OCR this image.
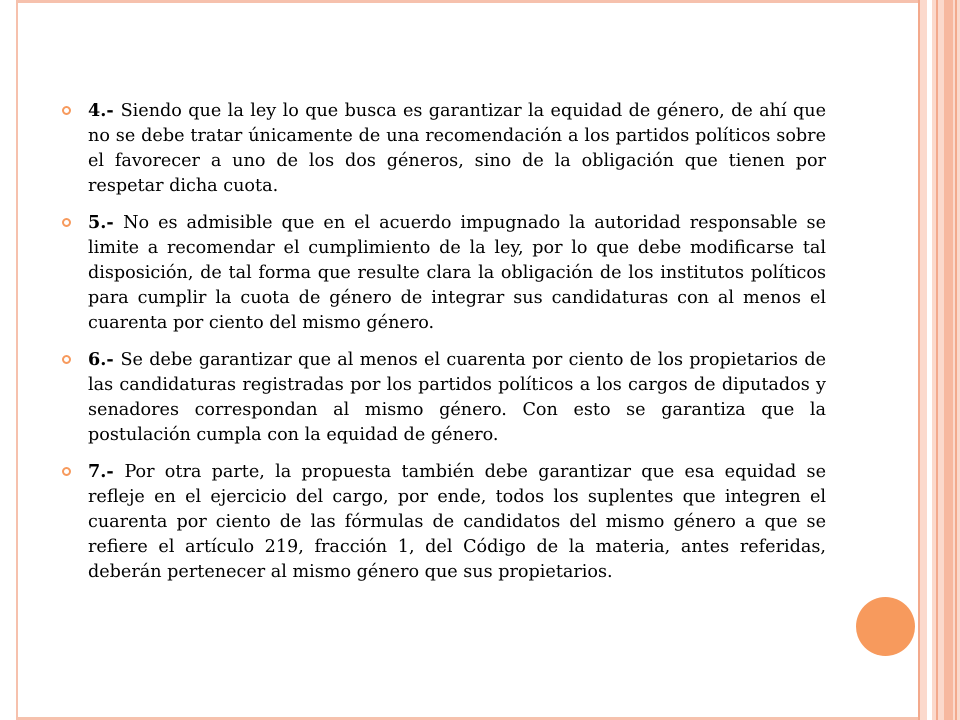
4.- Siendo que la ley lo que busca es garantizar la equidad de género, de ahí que no se debe tratar únicamente de una recomendación a los partidos políticos sobre el favorecer a uno de los dos géneros, sino de la obligación que tienen por respetar dicha cuota.
5.- No es admisible que en el acuerdo impugnado la autoridad responsable se limite a recomendar el cumplimiento de la ley, por lo que debe modificarse tal disposición, de tal forma que resulte clara la obligación de los institutos políticos para cumplir la cuota de género de integrar sus candidaturas con al menos el cuarenta por ciento del mismo género.
6.- Se debe garantizar que al menos el cuarenta por ciento de los propietarios de las candidaturas registradas por los partidos políticos a los cargos de diputados y senadores correspondan al mismo género. Con esto se garantiza que la postulación cumpla con la equidad de género.
7.- Por otra parte, la propuesta también debe garantizar que esa equidad se refleje en el ejercicio del cargo, por ende, todos los suplentes que integren el cuarenta por ciento de las fórmulas de candidatos del mismo género a que se refiere el artículo 219, fracción 1, del Código de la materia, antes referidas, deberán pertenecer al mismo género que sus propietarios.
